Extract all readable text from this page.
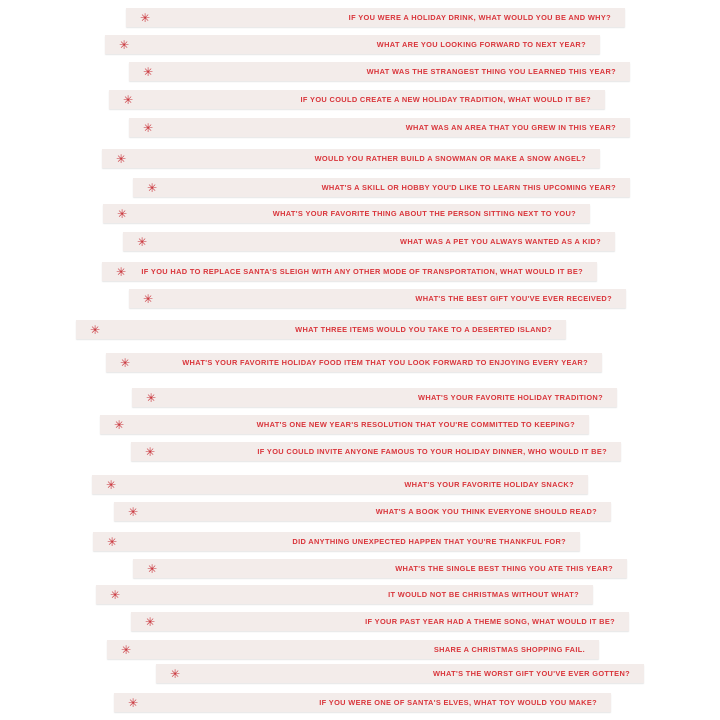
✳	IF YOU WERE A HOLIDAY DRINK, WHAT WOULD YOU BE AND WHY?
✳	WHAT ARE YOU LOOKING FORWARD TO NEXT YEAR?
✳	WHAT WAS THE STRANGEST THING YOU LEARNED THIS YEAR?
✳	IF YOU COULD CREATE A NEW HOLIDAY TRADITION, WHAT WOULD IT BE?
✳	WHAT WAS AN AREA THAT YOU GREW IN THIS YEAR?
✳	WOULD YOU RATHER BUILD A SNOWMAN OR MAKE A SNOW ANGEL?
✳	WHAT'S A SKILL OR HOBBY YOU'D LIKE TO LEARN THIS UPCOMING YEAR?
✳	WHAT'S YOUR FAVORITE THING ABOUT THE PERSON SITTING NEXT TO YOU?
✳	WHAT WAS A PET YOU ALWAYS WANTED AS A KID?
✳	IF YOU HAD TO REPLACE SANTA'S SLEIGH WITH ANY OTHER MODE OF TRANSPORTATION, WHAT WOULD IT BE?
✳	WHAT'S THE BEST GIFT YOU'VE EVER RECEIVED?
✳	WHAT THREE ITEMS WOULD YOU TAKE TO A DESERTED ISLAND?
✳	WHAT'S YOUR FAVORITE HOLIDAY FOOD ITEM THAT YOU LOOK FORWARD TO ENJOYING EVERY YEAR?
✳	WHAT'S YOUR FAVORITE HOLIDAY TRADITION?
✳	WHAT'S ONE NEW YEAR'S RESOLUTION THAT YOU'RE COMMITTED TO KEEPING?
✳	IF YOU COULD INVITE ANYONE FAMOUS TO YOUR HOLIDAY DINNER, WHO WOULD IT BE?
✳	WHAT'S YOUR FAVORITE HOLIDAY SNACK?
✳	WHAT'S A BOOK YOU THINK EVERYONE SHOULD READ?
✳	DID ANYTHING UNEXPECTED HAPPEN THAT YOU'RE THANKFUL FOR?
✳	WHAT'S THE SINGLE BEST THING YOU ATE THIS YEAR?
✳	IT WOULD NOT BE CHRISTMAS WITHOUT WHAT?
✳	IF YOUR PAST YEAR HAD A THEME SONG, WHAT WOULD IT BE?
✳	SHARE A CHRISTMAS SHOPPING FAIL.
✳	WHAT'S THE WORST GIFT YOU'VE EVER GOTTEN?
✳	IF YOU WERE ONE OF SANTA'S ELVES, WHAT TOY WOULD YOU MAKE?
